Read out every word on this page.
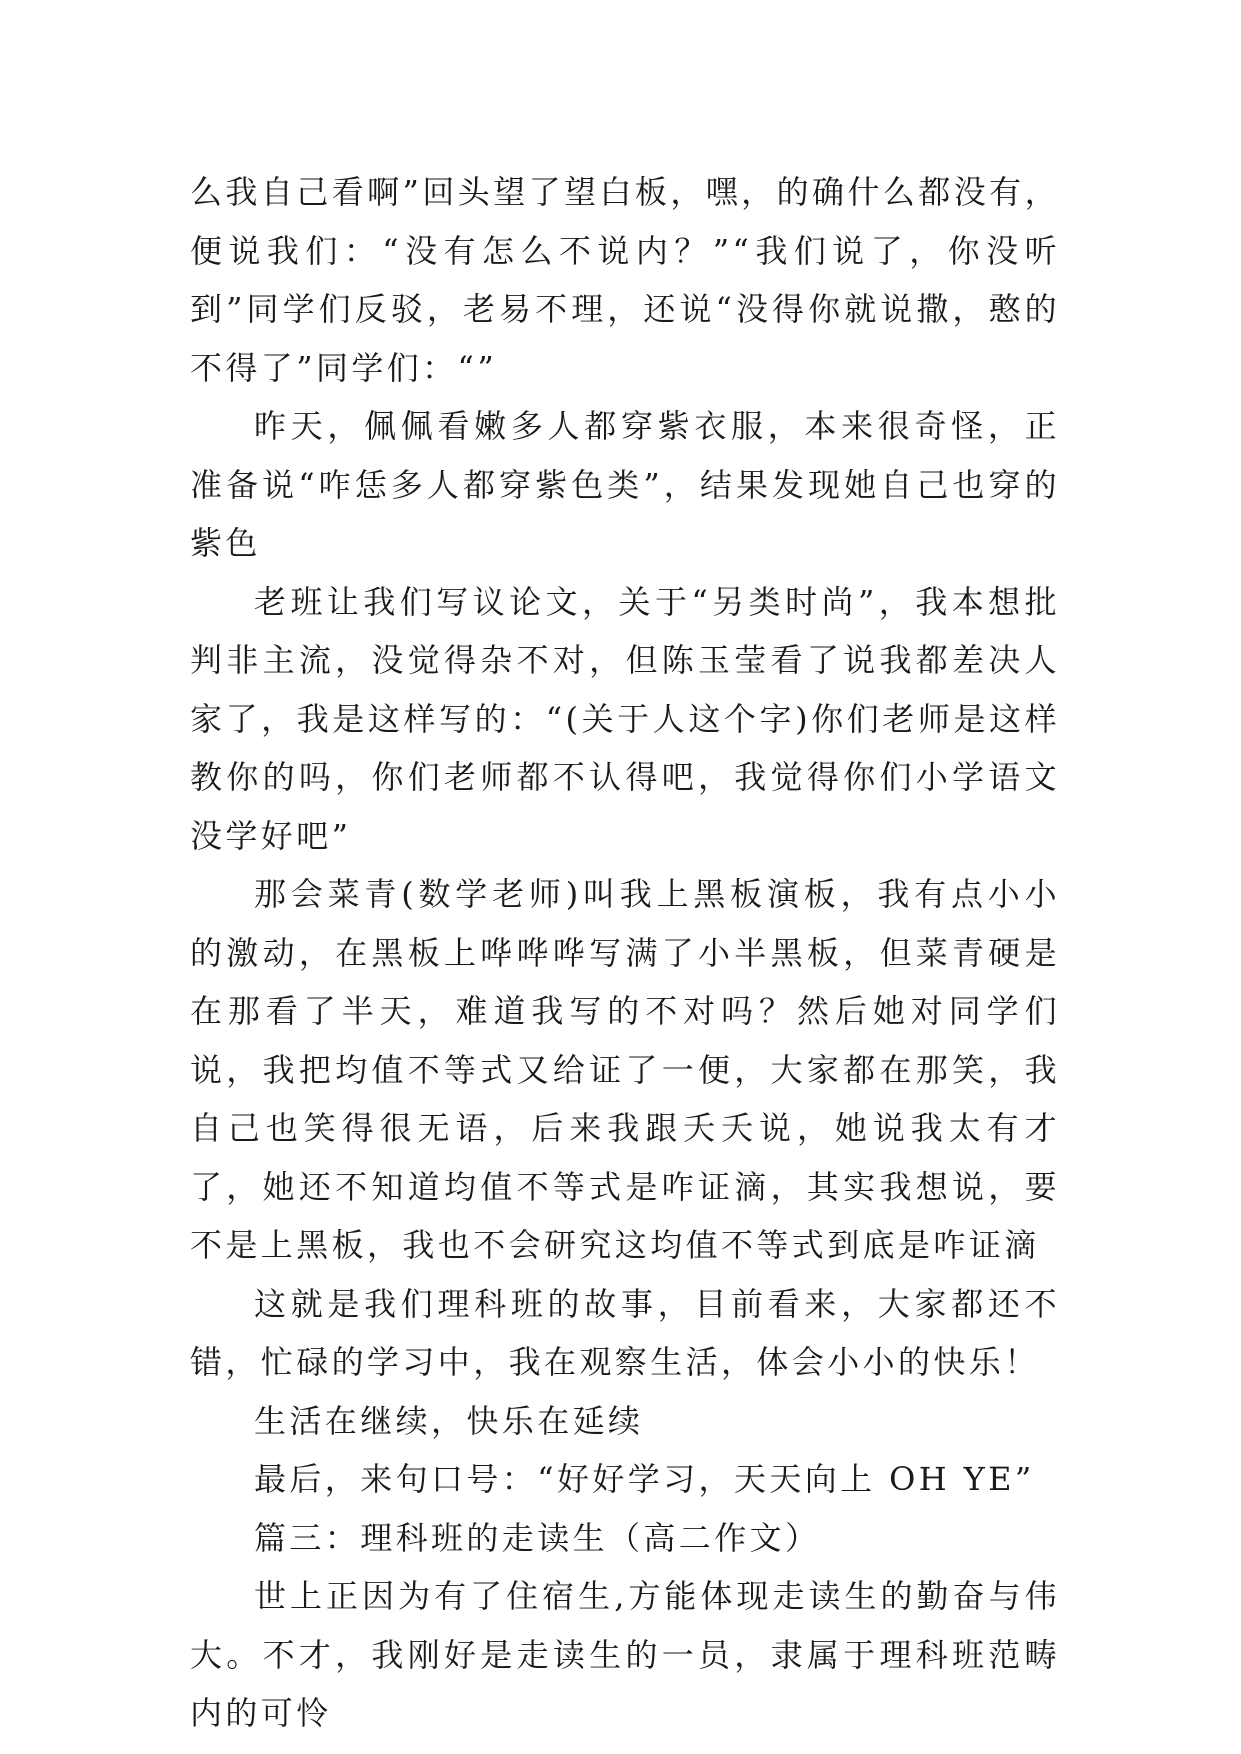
么我自己看啊”回头望了望白板，嘿，的确什么都没有，便说我们：“没有怎么不说内？”“我们说了，你没听到”同学们反驳，老易不理，还说“没得你就说撒，憨的不得了”同学们：“”

昨天，佩佩看嫩多人都穿紫衣服，本来很奇怪，正准备说“咋恁多人都穿紫色类”，结果发现她自己也穿的紫色

老班让我们写议论文，关于“另类时尚”，我本想批判非主流，没觉得杂不对，但陈玉莹看了说我都差决人家了，我是这样写的：“(关于人这个字)你们老师是这样教你的吗，你们老师都不认得吧，我觉得你们小学语文没学好吧”

那会菜青(数学老师)叫我上黑板演板，我有点小小的激动，在黑板上哗哗哗写满了小半黑板，但菜青硬是在那看了半天，难道我写的不对吗？然后她对同学们说，我把均值不等式又给证了一便，大家都在那笑，我自己也笑得很无语，后来我跟夭夭说，她说我太有才了，她还不知道均值不等式是咋证滴，其实我想说，要不是上黑板，我也不会研究这均值不等式到底是咋证滴

这就是我们理科班的故事，目前看来，大家都还不错，忙碌的学习中，我在观察生活，体会小小的快乐！

生活在继续，快乐在延续

最后，来句口号：“好好学习，天天向上 OH YE”

篇三：理科班的走读生（高二作文）

世上正因为有了住宿生,方能体现走读生的勤奋与伟大。不才，我刚好是走读生的一员，隶属于理科班范畴内的可怜
